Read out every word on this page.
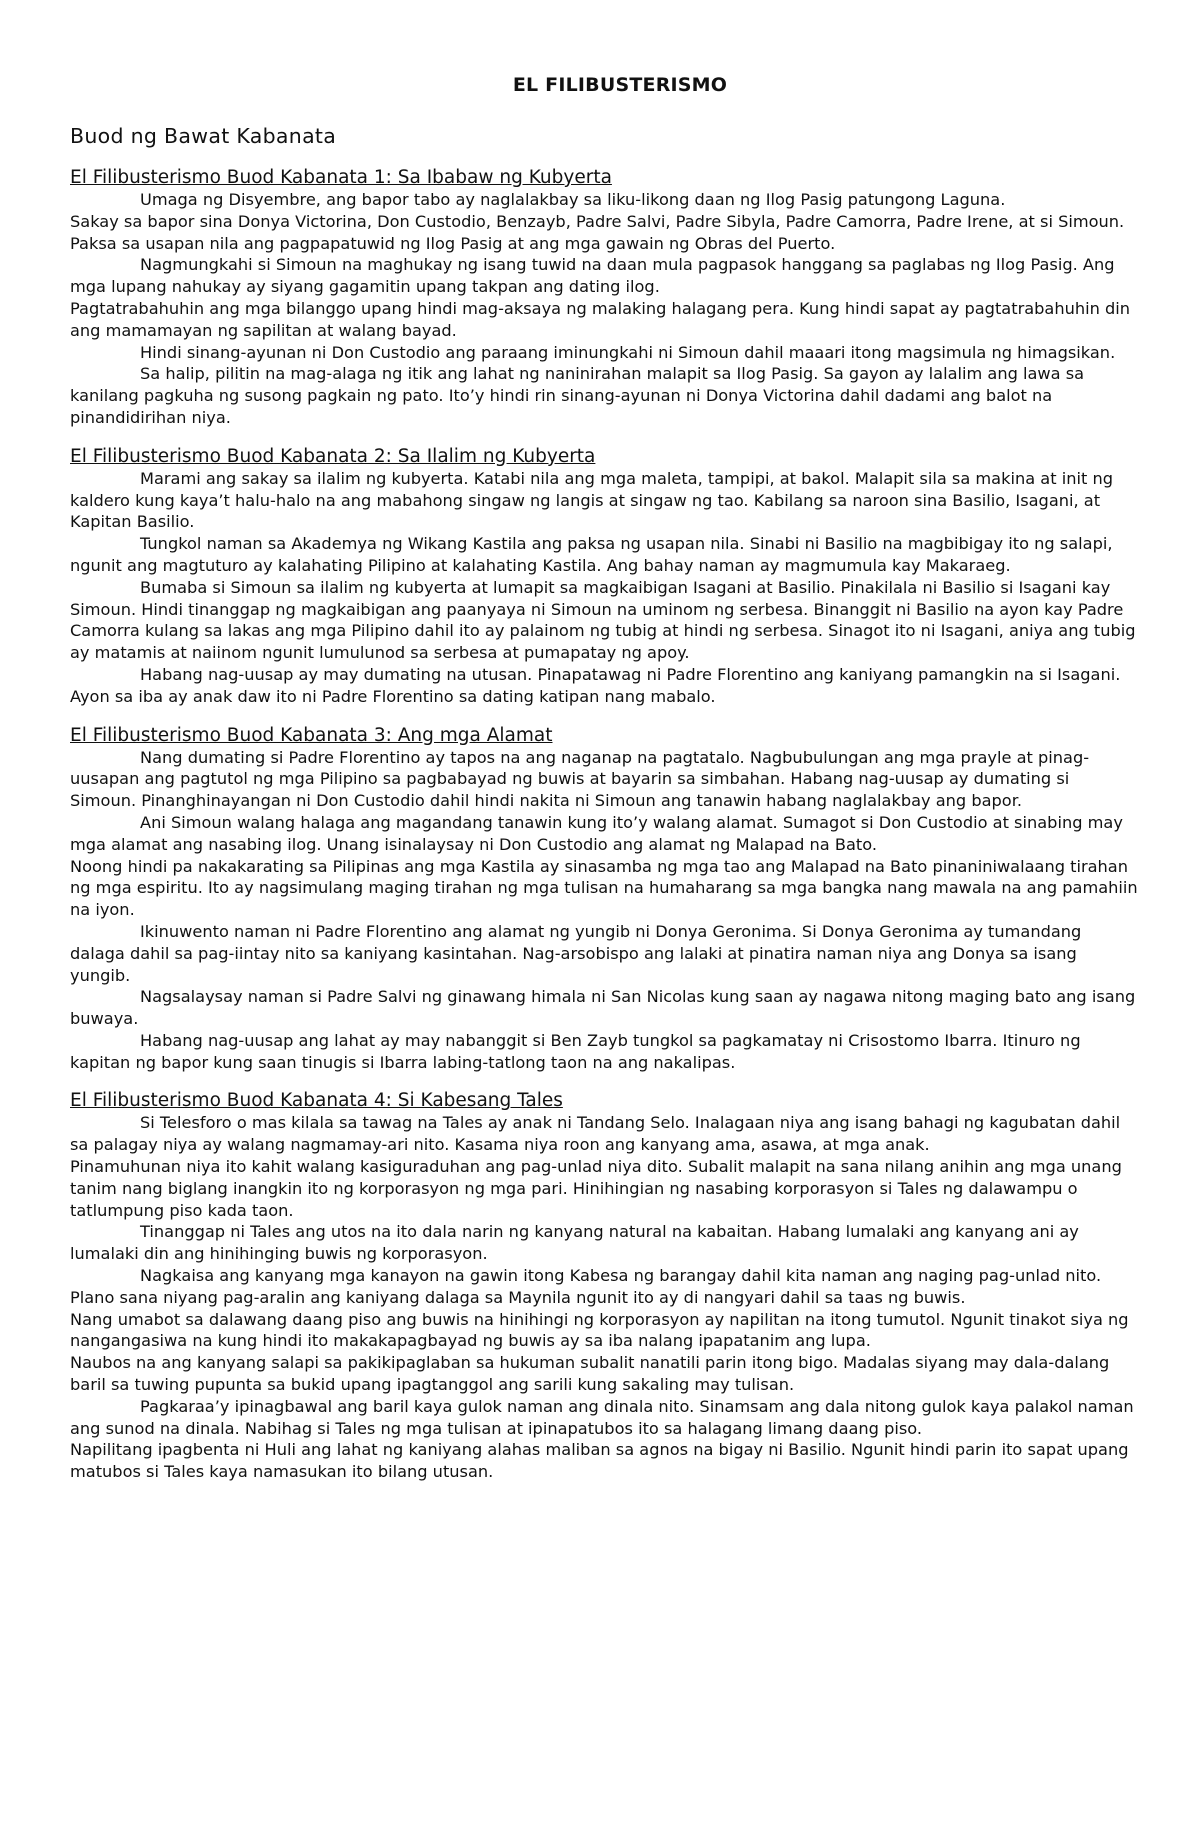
EL FILIBUSTERISMO
Buod ng Bawat Kabanata
El Filibusterismo Buod Kabanata 1: Sa Ibabaw ng Kubyerta
Umaga ng Disyembre, ang bapor tabo ay naglalakbay sa liku-likong daan ng Ilog Pasig patungong Laguna.
Sakay sa bapor sina Donya Victorina, Don Custodio, Benzayb, Padre Salvi, Padre Sibyla, Padre Camorra, Padre Irene, at si Simoun. Paksa sa usapan nila ang pagpapatuwid ng Ilog Pasig at ang mga gawain ng Obras del Puerto.
Nagmungkahi si Simoun na maghukay ng isang tuwid na daan mula pagpasok hanggang sa paglabas ng Ilog Pasig. Ang mga lupang nahukay ay siyang gagamitin upang takpan ang dating ilog.
Pagtatrabahuhin ang mga bilanggo upang hindi mag-aksaya ng malaking halagang pera. Kung hindi sapat ay pagtatrabahuhin din ang mamamayan ng sapilitan at walang bayad.
Hindi sinang-ayunan ni Don Custodio ang paraang iminungkahi ni Simoun dahil maaari itong magsimula ng himagsikan.
Sa halip, pilitin na mag-alaga ng itik ang lahat ng naninirahan malapit sa Ilog Pasig. Sa gayon ay lalalim ang lawa sa kanilang pagkuha ng susong pagkain ng pato. Ito’y hindi rin sinang-ayunan ni Donya Victorina dahil dadami ang balot na pinandidirihan niya.
El Filibusterismo Buod Kabanata 2: Sa Ilalim ng Kubyerta
Marami ang sakay sa ilalim ng kubyerta. Katabi nila ang mga maleta, tampipi, at bakol. Malapit sila sa makina at init ng kaldero kung kaya’t halu-halo na ang mabahong singaw ng langis at singaw ng tao. Kabilang sa naroon sina Basilio, Isagani, at Kapitan Basilio.
Tungkol naman sa Akademya ng Wikang Kastila ang paksa ng usapan nila. Sinabi ni Basilio na magbibigay ito ng salapi, ngunit ang magtuturo ay kalahating Pilipino at kalahating Kastila. Ang bahay naman ay magmumula kay Makaraeg.
Bumaba si Simoun sa ilalim ng kubyerta at lumapit sa magkaibigan Isagani at Basilio. Pinakilala ni Basilio si Isagani kay Simoun. Hindi tinanggap ng magkaibigan ang paanyaya ni Simoun na uminom ng serbesa. Binanggit ni Basilio na ayon kay Padre Camorra kulang sa lakas ang mga Pilipino dahil ito ay palainom ng tubig at hindi ng serbesa. Sinagot ito ni Isagani, aniya ang tubig ay matamis at naiinom ngunit lumulunod sa serbesa at pumapatay ng apoy.
Habang nag-uusap ay may dumating na utusan. Pinapatawag ni Padre Florentino ang kaniyang pamangkin na si Isagani. Ayon sa iba ay anak daw ito ni Padre Florentino sa dating katipan nang mabalo.
El Filibusterismo Buod Kabanata 3: Ang mga Alamat
Nang dumating si Padre Florentino ay tapos na ang naganap na pagtatalo. Nagbubulungan ang mga prayle at pinag-uusapan ang pagtutol ng mga Pilipino sa pagbabayad ng buwis at bayarin sa simbahan. Habang nag-uusap ay dumating si Simoun. Pinanghinayangan ni Don Custodio dahil hindi nakita ni Simoun ang tanawin habang naglalakbay ang bapor.
Ani Simoun walang halaga ang magandang tanawin kung ito’y walang alamat. Sumagot si Don Custodio at sinabing may mga alamat ang nasabing ilog. Unang isinalaysay ni Don Custodio ang alamat ng Malapad na Bato.
Noong hindi pa nakakarating sa Pilipinas ang mga Kastila ay sinasamba ng mga tao ang Malapad na Bato pinaniniwalaang tirahan ng mga espiritu. Ito ay nagsimulang maging tirahan ng mga tulisan na humaharang sa mga bangka nang mawala na ang pamahiin na iyon.
Ikinuwento naman ni Padre Florentino ang alamat ng yungib ni Donya Geronima. Si Donya Geronima ay tumandang dalaga dahil sa pag-iintay nito sa kaniyang kasintahan. Nag-arsobispo ang lalaki at pinatira naman niya ang Donya sa isang yungib.
Nagsalaysay naman si Padre Salvi ng ginawang himala ni San Nicolas kung saan ay nagawa nitong maging bato ang isang buwaya.
Habang nag-uusap ang lahat ay may nabanggit si Ben Zayb tungkol sa pagkamatay ni Crisostomo Ibarra. Itinuro ng kapitan ng bapor kung saan tinugis si Ibarra labing-tatlong taon na ang nakalipas.
El Filibusterismo Buod Kabanata 4: Si Kabesang Tales
Si Telesforo o mas kilala sa tawag na Tales ay anak ni Tandang Selo. Inalagaan niya ang isang bahagi ng kagubatan dahil sa palagay niya ay walang nagmamay-ari nito. Kasama niya roon ang kanyang ama, asawa, at mga anak.
Pinamuhunan niya ito kahit walang kasiguraduhan ang pag-unlad niya dito. Subalit malapit na sana nilang anihin ang mga unang tanim nang biglang inangkin ito ng korporasyon ng mga pari. Hinihingian ng nasabing korporasyon si Tales ng dalawampu o tatlumpung piso kada taon.
Tinanggap ni Tales ang utos na ito dala narin ng kanyang natural na kabaitan. Habang lumalaki ang kanyang ani ay lumalaki din ang hinihinging buwis ng korporasyon.
Nagkaisa ang kanyang mga kanayon na gawin itong Kabesa ng barangay dahil kita naman ang naging pag-unlad nito. Plano sana niyang pag-aralin ang kaniyang dalaga sa Maynila ngunit ito ay di nangyari dahil sa taas ng buwis.
Nang umabot sa dalawang daang piso ang buwis na hinihingi ng korporasyon ay napilitan na itong tumutol. Ngunit tinakot siya ng nangangasiwa na kung hindi ito makakapagbayad ng buwis ay sa iba nalang ipapatanim ang lupa.
Naubos na ang kanyang salapi sa pakikipaglaban sa hukuman subalit nanatili parin itong bigo. Madalas siyang may dala-dalang baril sa tuwing pupunta sa bukid upang ipagtanggol ang sarili kung sakaling may tulisan.
Pagkaraa’y ipinagbawal ang baril kaya gulok naman ang dinala nito. Sinamsam ang dala nitong gulok kaya palakol naman ang sunod na dinala. Nabihag si Tales ng mga tulisan at ipinapatubos ito sa halagang limang daang piso.
Napilitang ipagbenta ni Huli ang lahat ng kaniyang alahas maliban sa agnos na bigay ni Basilio. Ngunit hindi parin ito sapat upang matubos si Tales kaya namasukan ito bilang utusan.
